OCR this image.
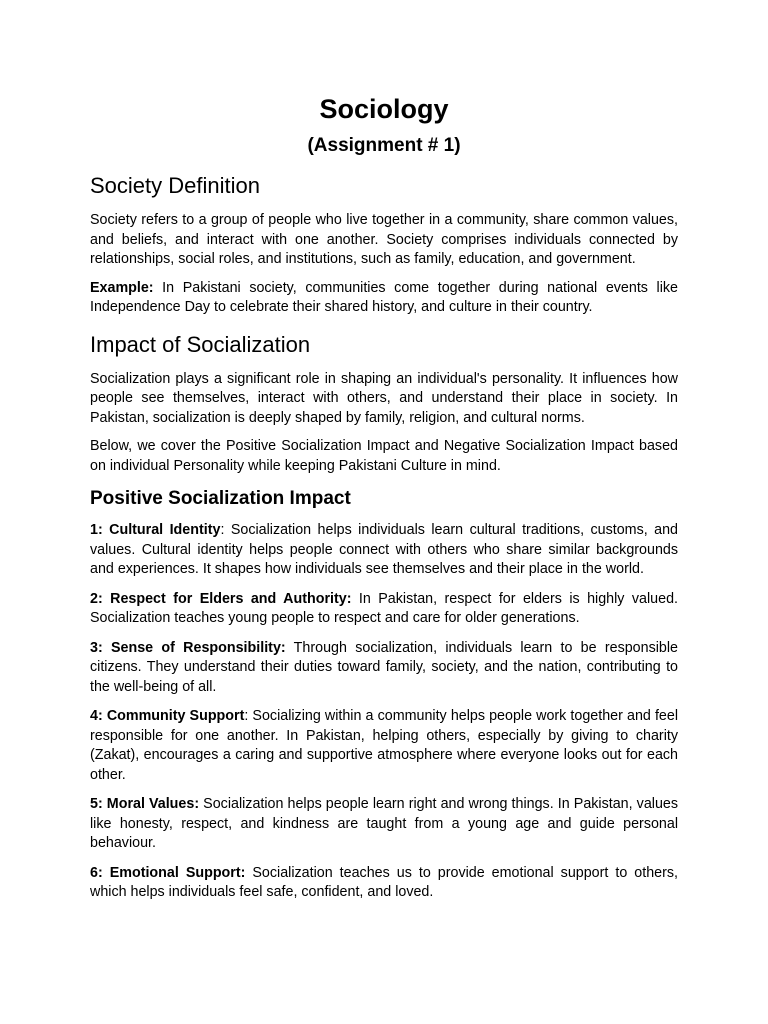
Sociology
(Assignment # 1)
Society Definition

Society refers to a group of people who live together in a community, share common values, and beliefs, and interact with one another. Society comprises individuals connected by relationships, social roles, and institutions, such as family, education, and government.

Example: In Pakistani society, communities come together during national events like Independence Day to celebrate their shared history, and culture in their country.

Impact of Socialization

Socialization plays a significant role in shaping an individual's personality. It influences how people see themselves, interact with others, and understand their place in society. In Pakistan, socialization is deeply shaped by family, religion, and cultural norms.

Below, we cover the Positive Socialization Impact and Negative Socialization Impact based on individual Personality while keeping Pakistani Culture in mind.

Positive Socialization Impact

1: Cultural Identity: Socialization helps individuals learn cultural traditions, customs, and values. Cultural identity helps people connect with others who share similar backgrounds and experiences. It shapes how individuals see themselves and their place in the world.

2: Respect for Elders and Authority: In Pakistan, respect for elders is highly valued. Socialization teaches young people to respect and care for older generations.

3: Sense of Responsibility: Through socialization, individuals learn to be responsible citizens. They understand their duties toward family, society, and the nation, contributing to the well-being of all.

4: Community Support: Socializing within a community helps people work together and feel responsible for one another. In Pakistan, helping others, especially by giving to charity (Zakat), encourages a caring and supportive atmosphere where everyone looks out for each other.

5: Moral Values: Socialization helps people learn right and wrong things. In Pakistan, values like honesty, respect, and kindness are taught from a young age and guide personal behaviour.

6: Emotional Support: Socialization teaches us to provide emotional support to others, which helps individuals feel safe, confident, and loved.
